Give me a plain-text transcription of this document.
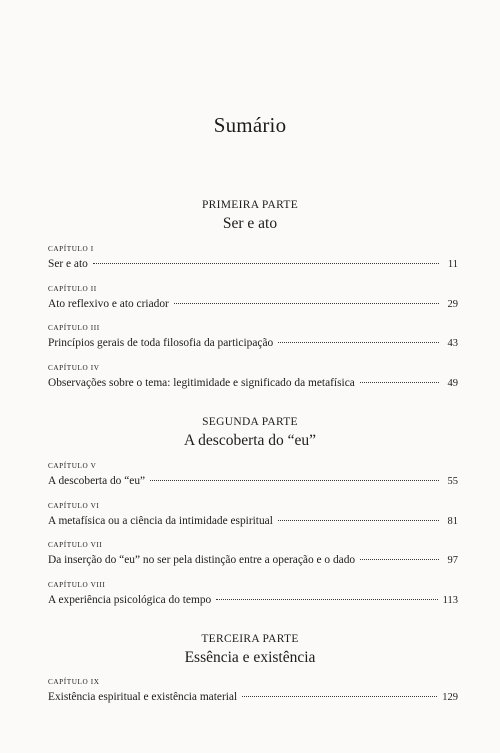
Sumário
PRIMEIRA PARTE
Ser e ato
CAPÍTULO I
Ser e ato	11
CAPÍTULO II
Ato reflexivo e ato criador	29
CAPÍTULO III
Princípios gerais de toda filosofia da participação	43
CAPÍTULO IV
Observações sobre o tema: legitimidade e significado da metafísica	49
SEGUNDA PARTE
A descoberta do “eu”
CAPÍTULO V
A descoberta do “eu”	55
CAPÍTULO VI
A metafísica ou a ciência da intimidade espiritual	81
CAPÍTULO VII
Da inserção do “eu” no ser pela distinção entre a operação e o dado	97
CAPÍTULO VIII
A experiência psicológica do tempo	113
TERCEIRA PARTE
Essência e existência
CAPÍTULO IX
Existência espiritual e existência material	129
